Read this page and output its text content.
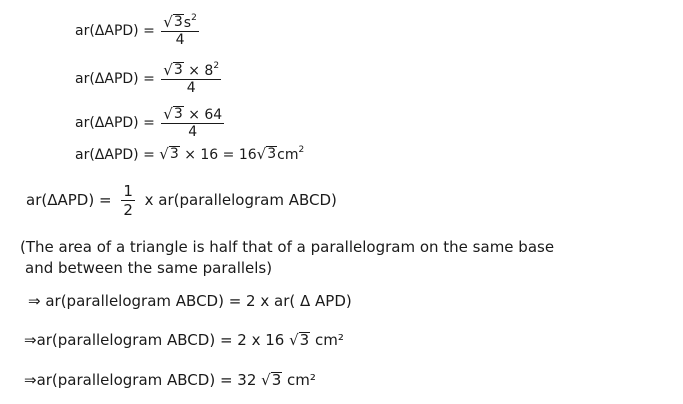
$ar(\Delta APD) = \frac{√ 3 s^2}{4}$
$ar(\Delta APD) = \frac{√ 3 \times 8^2}{4}$
$ar(\Delta APD) = \frac{√ 3 \times 64}{4}$
ar(ΔAPD) = √ 3 × 16 = 16 √ 3 $cm^2$
$ar(\Delta APD) = \frac{1}{2}$ x ar(parallelogram ABCD)
(The area of a triangle is half that of a parallelogram on the same base
and between the same parallels)
⇒ ar(parallelogram ABCD) = 2 x ar( Δ APD)
⇒ar(parallelogram ABCD) = 2 x 16 √ 3 cm²
⇒ar(parallelogram ABCD) = 32 √ 3 cm²
